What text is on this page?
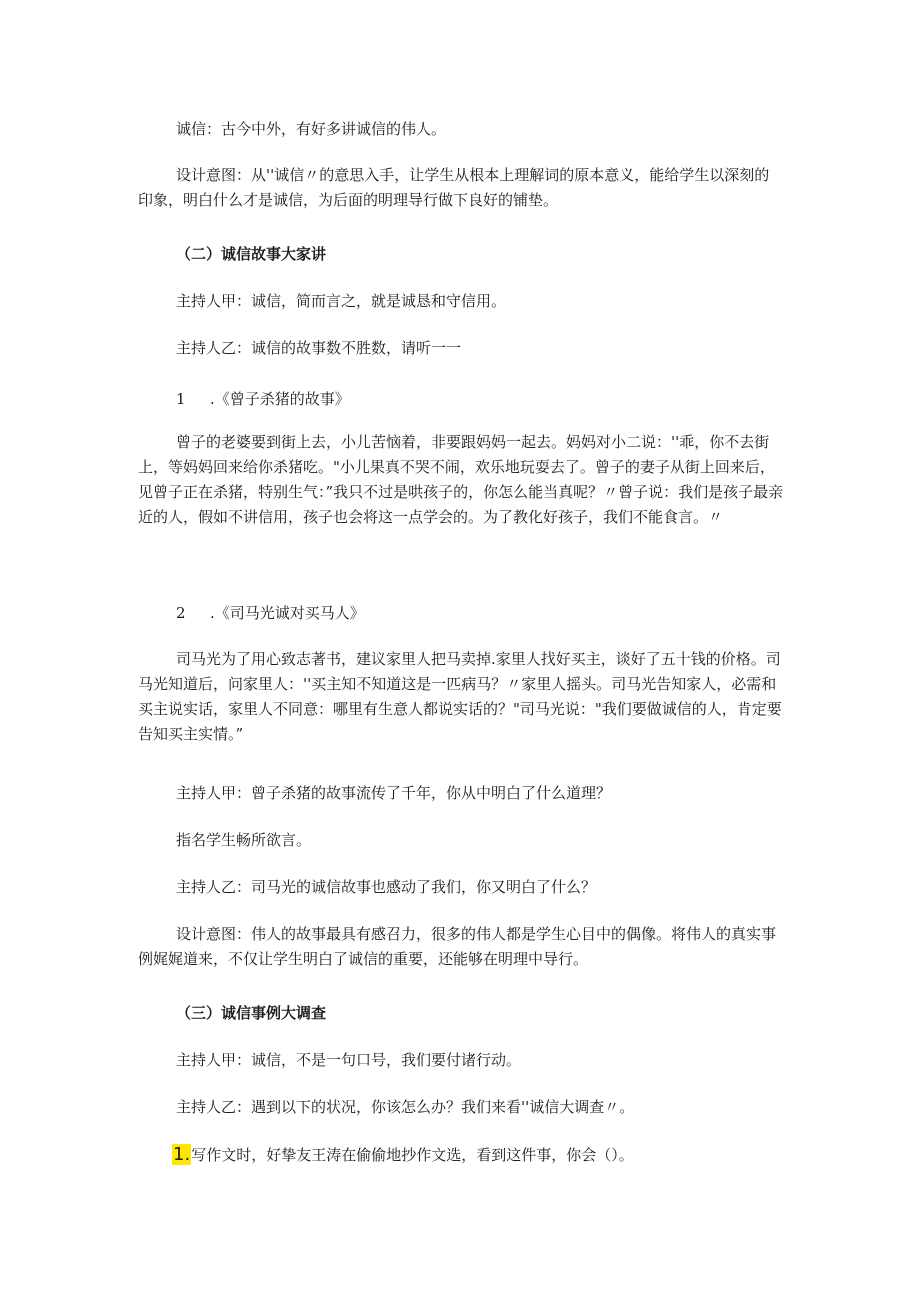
诚信：古今中外，有好多讲诚信的伟人。

设计意图：从''诚信〃的意思入手，让学生从根本上理解词的原本意义，能给学生以深刻的印象，明白什么才是诚信，为后面的明理导行做下良好的铺垫。

（二）诚信故事大家讲

主持人甲：诚信，简而言之，就是诚恳和守信用。

主持人乙：诚信的故事数不胜数，请听一一

1 .《曾子杀猪的故事》

曾子的老婆要到街上去，小儿苦恼着，非要跟妈妈一起去。妈妈对小二说：''乖，你不去街上，等妈妈回来给你杀猪吃。"小儿果真不哭不闹，欢乐地玩耍去了。曾子的妻子从街上回来后，见曾子正在杀猪，特别生气：”我只不过是哄孩子的，你怎么能当真呢？〃曾子说：我们是孩子最亲近的人，假如不讲信用，孩子也会将这一点学会的。为了教化好孩子，我们不能食言。〃

2 .《司马光诚对买马人》

司马光为了用心致志著书，建议家里人把马卖掉.家里人找好买主，谈好了五十钱的价格。司马光知道后，问家里人：''买主知不知道这是一匹病马？〃家里人摇头。司马光告知家人，必需和买主说实话，家里人不同意：哪里有生意人都说实话的？"司马光说："我们要做诚信的人，肯定要告知买主实情。”

主持人甲：曾子杀猪的故事流传了千年，你从中明白了什么道理？

指名学生畅所欲言。

主持人乙：司马光的诚信故事也感动了我们，你又明白了什么？

设计意图：伟人的故事最具有感召力，很多的伟人都是学生心目中的偶像。将伟人的真实事例娓娓道来，不仅让学生明白了诚信的重要，还能够在明理中导行。

（三）诚信事例大调查

主持人甲：诚信，不是一句口号，我们要付诸行动。

主持人乙：遇到以下的状况，你该怎么办？我们来看''诚信大调查〃。

1.写作文时，好挚友王涛在偷偷地抄作文选，看到这件事，你会（）。
